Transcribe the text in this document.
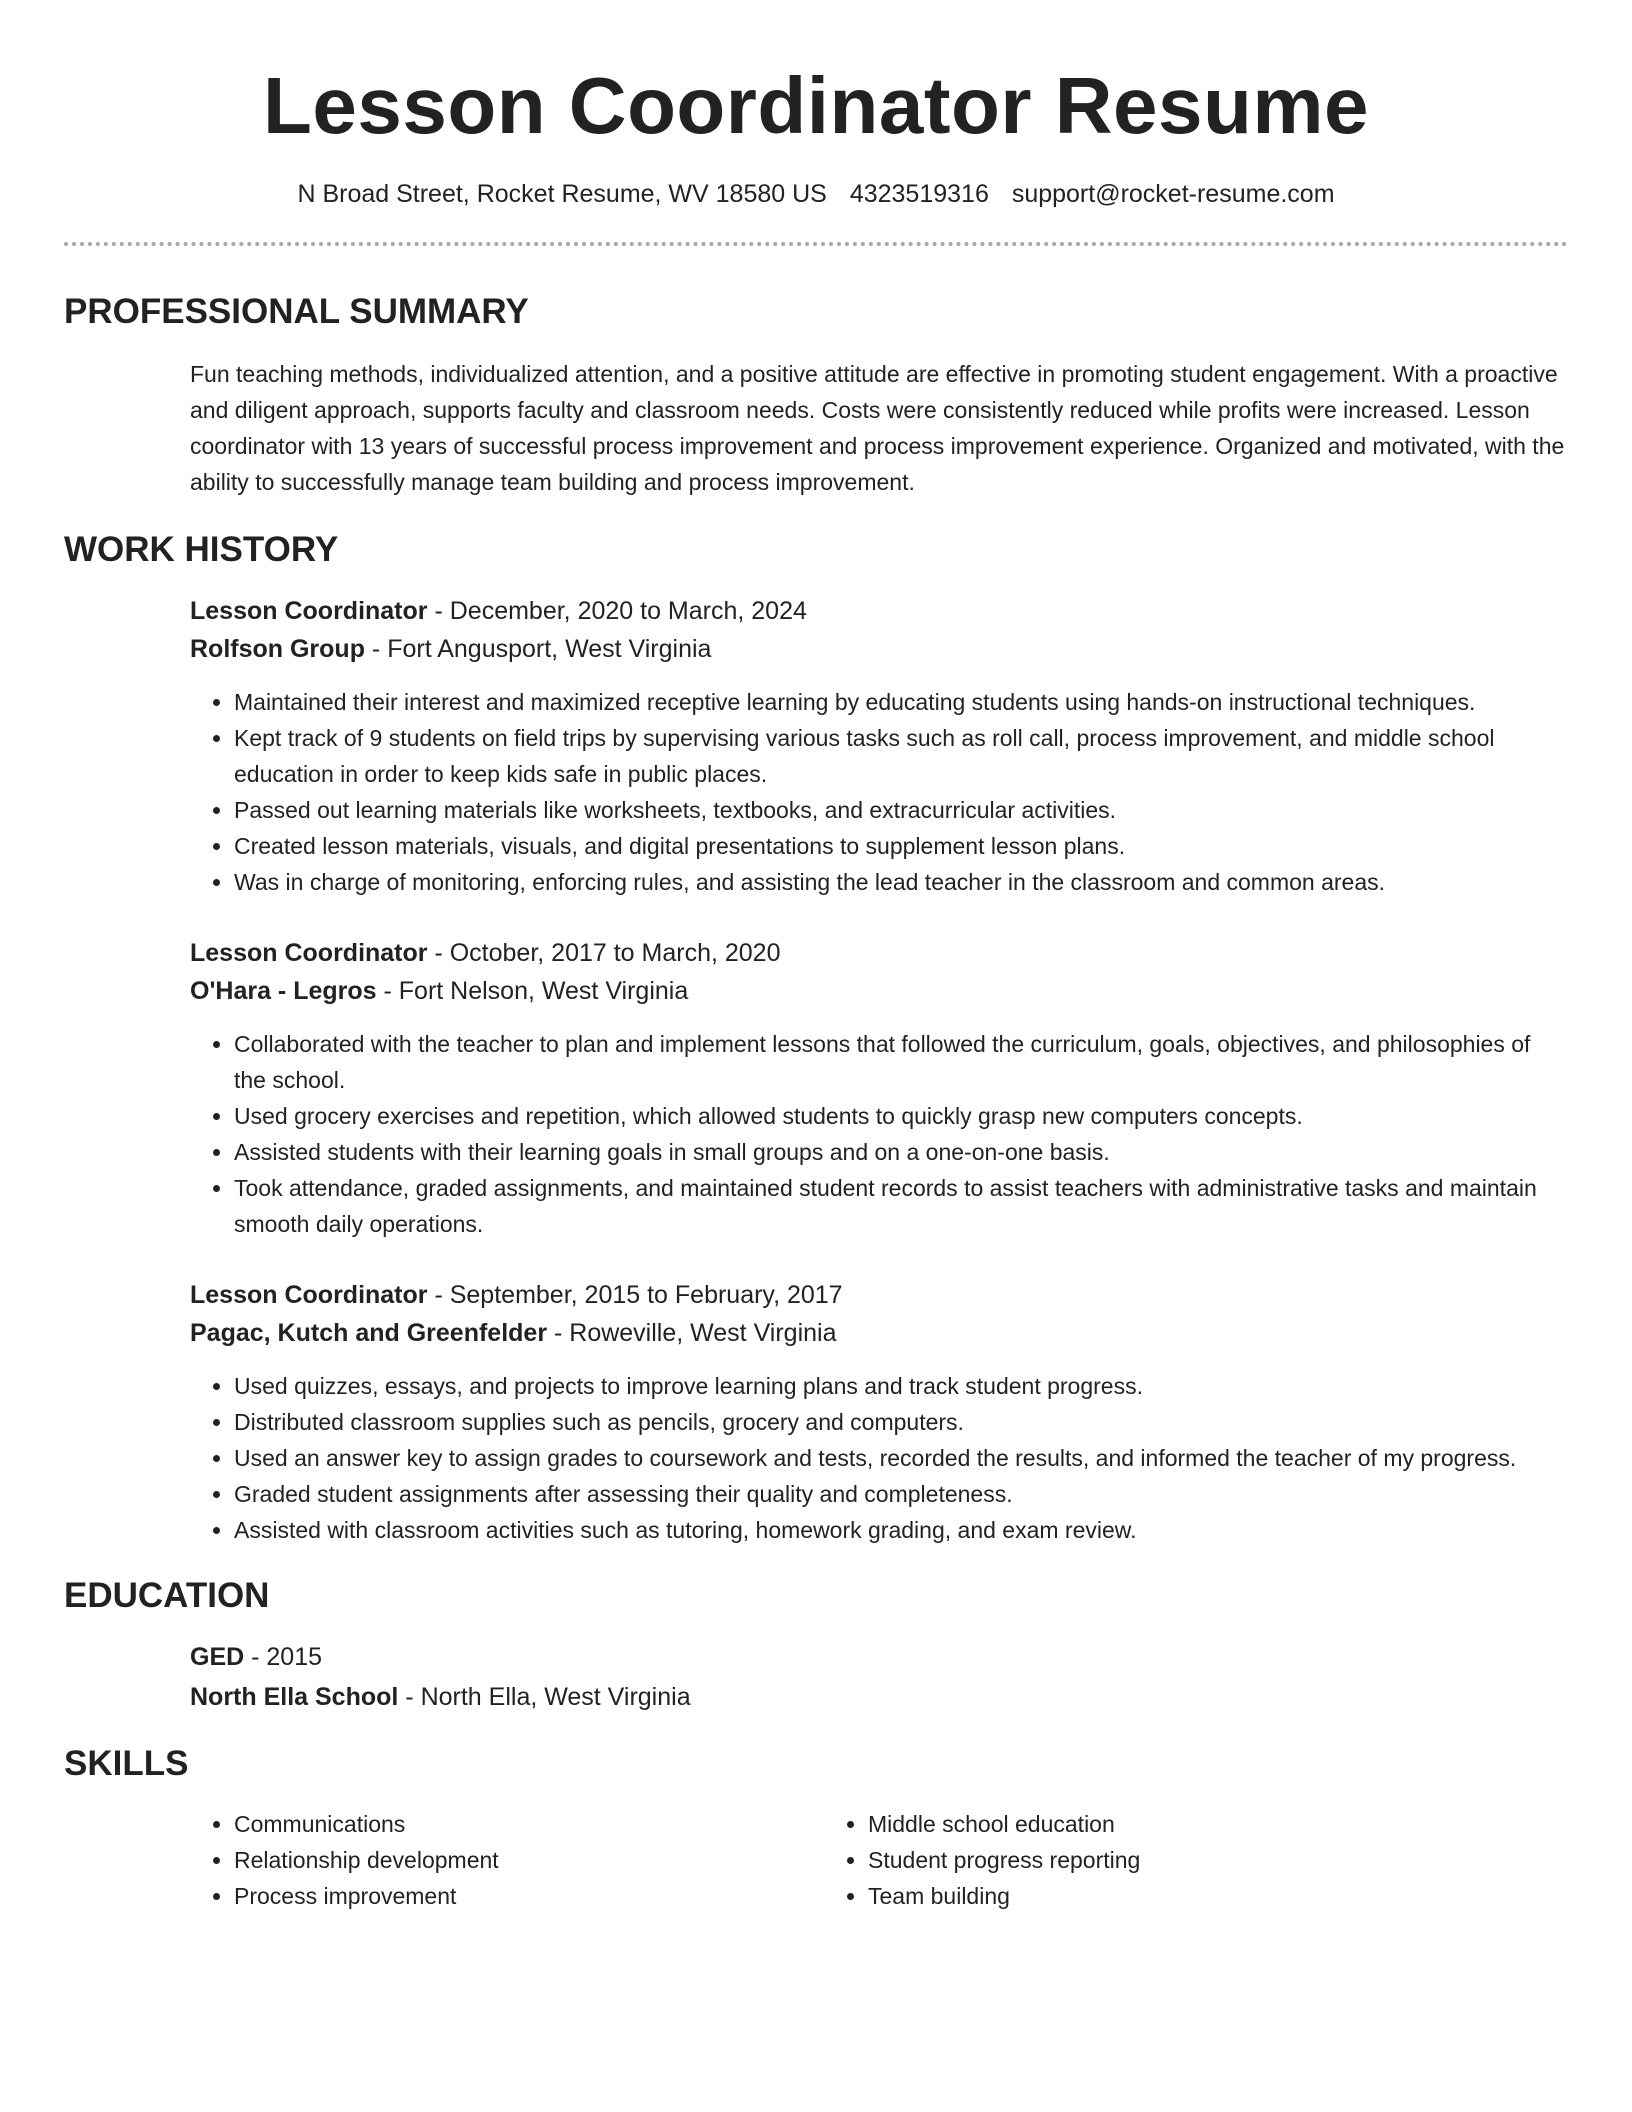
Lesson Coordinator Resume
N Broad Street, Rocket Resume, WV 18580 US 4323519316 support@rocket-resume.com
PROFESSIONAL SUMMARY

Fun teaching methods, individualized attention, and a positive attitude are effective in promoting student engagement. With a proactive and diligent approach, supports faculty and classroom needs. Costs were consistently reduced while profits were increased. Lesson coordinator with 13 years of successful process improvement and process improvement experience. Organized and motivated, with the ability to successfully manage team building and process improvement.

WORK HISTORY
Lesson Coordinator - December, 2020 to March, 2024
Rolfson Group - Fort Angusport, West Virginia
• Maintained their interest and maximized receptive learning by educating students using hands-on instructional techniques.
• Kept track of 9 students on field trips by supervising various tasks such as roll call, process improvement, and middle school education in order to keep kids safe in public places.
• Passed out learning materials like worksheets, textbooks, and extracurricular activities.
• Created lesson materials, visuals, and digital presentations to supplement lesson plans.
• Was in charge of monitoring, enforcing rules, and assisting the lead teacher in the classroom and common areas.
Lesson Coordinator - October, 2017 to March, 2020
O'Hara - Legros - Fort Nelson, West Virginia
• Collaborated with the teacher to plan and implement lessons that followed the curriculum, goals, objectives, and philosophies of the school.
• Used grocery exercises and repetition, which allowed students to quickly grasp new computers concepts.
• Assisted students with their learning goals in small groups and on a one-on-one basis.
• Took attendance, graded assignments, and maintained student records to assist teachers with administrative tasks and maintain smooth daily operations.
Lesson Coordinator - September, 2015 to February, 2017
Pagac, Kutch and Greenfelder - Roweville, West Virginia
• Used quizzes, essays, and projects to improve learning plans and track student progress.
• Distributed classroom supplies such as pencils, grocery and computers.
• Used an answer key to assign grades to coursework and tests, recorded the results, and informed the teacher of my progress.
• Graded student assignments after assessing their quality and completeness.
• Assisted with classroom activities such as tutoring, homework grading, and exam review.
EDUCATION
GED - 2015
North Ella School - North Ella, West Virginia
SKILLS
• Communications
• Relationship development
• Process improvement
• Middle school education
• Student progress reporting
• Team building
